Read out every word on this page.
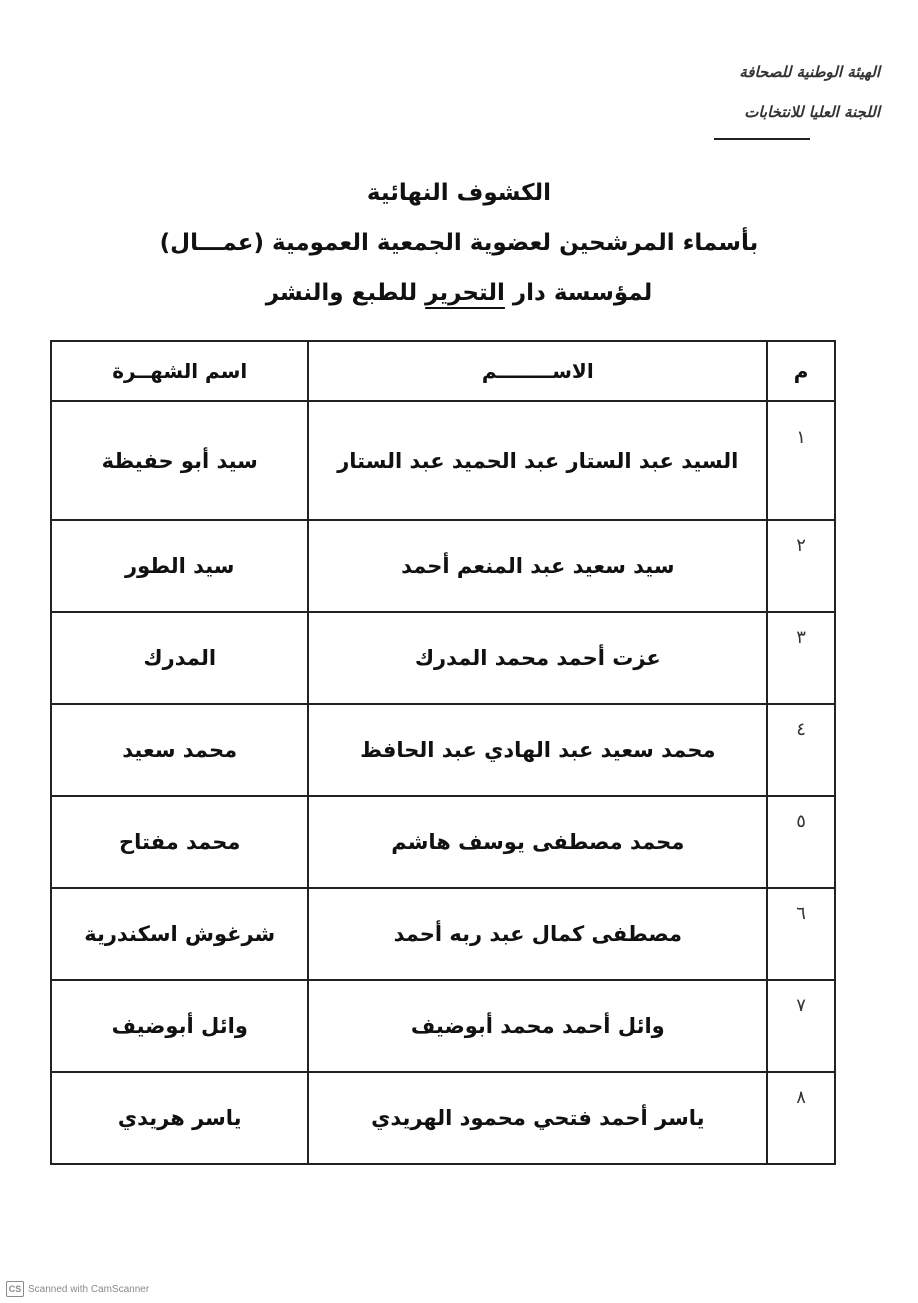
الهيئة الوطنية للصحافة
اللجنة العليا للانتخابات
الكشوف النهائية
بأسماء المرشحين لعضوية الجمعية العمومية (عمـــال)
لمؤسسة دار التحرير للطبع والنشر
م	الاســــــــم	اسم الشهــرة
١	السيد عبد الستار عبد الحميد عبد الستار	سيد أبو حفيظة
٢	سيد سعيد عبد المنعم أحمد	سيد الطور
٣	عزت أحمد محمد المدرك	المدرك
٤	محمد سعيد عبد الهادي عبد الحافظ	محمد سعيد
٥	محمد مصطفى يوسف هاشم	محمد مفتاح
٦	مصطفى كمال عبد ربه أحمد	شرغوش اسكندرية
٧	وائل أحمد محمد أبوضيف	وائل أبوضيف
٨	ياسر أحمد فتحي محمود الهريدي	ياسر هريدي
CS Scanned with CamScanner
